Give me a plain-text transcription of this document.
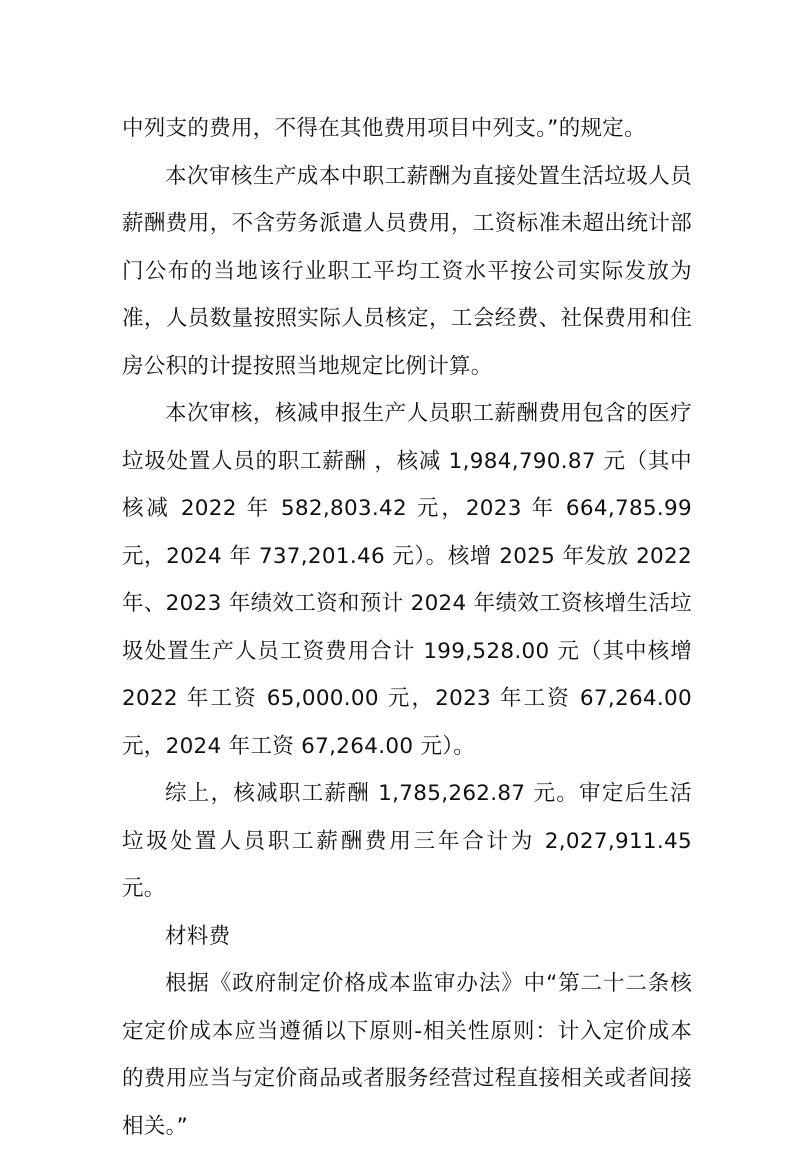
中列支的费用，不得在其他费用项目中列支。”的规定。

本次审核生产成本中职工薪酬为直接处置生活垃圾人员薪酬费用，不含劳务派遣人员费用，工资标准未超出统计部门公布的当地该行业职工平均工资水平按公司实际发放为准，人员数量按照实际人员核定，工会经费、社保费用和住房公积的计提按照当地规定比例计算。

本次审核，核减申报生产人员职工薪酬费用包含的医疗垃圾处置人员的职工薪酬 ，核减 1,984,790.87 元（其中核减 2022 年 582,803.42 元，2023 年 664,785.99 元，2024 年 737,201.46 元）。核增 2025 年发放 2022 年、2023 年绩效工资和预计 2024 年绩效工资核增生活垃圾处置生产人员工资费用合计 199,528.00 元（其中核增 2022 年工资 65,000.00 元，2023 年工资 67,264.00 元，2024 年工资 67,264.00 元）。

综上，核减职工薪酬 1,785,262.87 元。审定后生活垃圾处置人员职工薪酬费用三年合计为 2,027,911.45 元。

材料费

根据《政府制定价格成本监审办法》中“第二十二条核定定价成本应当遵循以下原则-相关性原则：计入定价成本的费用应当与定价商品或者服务经营过程直接相关或者间接相关。”
